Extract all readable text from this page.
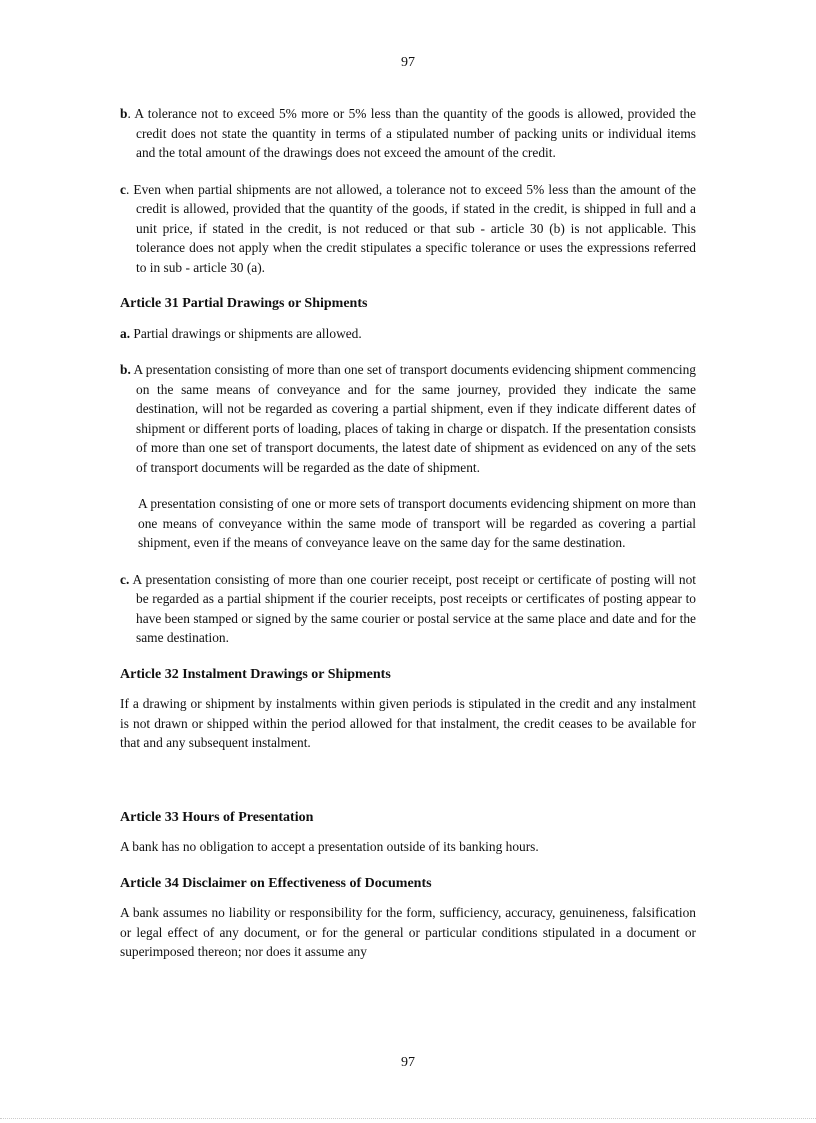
97

b. A tolerance not to exceed 5% more or 5% less than the quantity of the goods is allowed, provided the credit does not state the quantity in terms of a stipulated number of packing units or individual items and the total amount of the drawings does not exceed the amount of the credit.

c. Even when partial shipments are not allowed, a tolerance not to exceed 5% less than the amount of the credit is allowed, provided that the quantity of the goods, if stated in the credit, is shipped in full and a unit price, if stated in the credit, is not reduced or that sub - article 30 (b) is not applicable. This tolerance does not apply when the credit stipulates a specific tolerance or uses the expressions referred to in sub - article 30 (a).

Article 31 Partial Drawings or Shipments

a. Partial drawings or shipments are allowed.

b. A presentation consisting of more than one set of transport documents evidencing shipment commencing on the same means of conveyance and for the same journey, provided they indicate the same destination, will not be regarded as covering a partial shipment, even if they indicate different dates of shipment or different ports of loading, places of taking in charge or dispatch. If the presentation consists of more than one set of transport documents, the latest date of shipment as evidenced on any of the sets of transport documents will be regarded as the date of shipment.

A presentation consisting of one or more sets of transport documents evidencing shipment on more than one means of conveyance within the same mode of transport will be regarded as covering a partial shipment, even if the means of conveyance leave on the same day for the same destination.

c. A presentation consisting of more than one courier receipt, post receipt or certificate of posting will not be regarded as a partial shipment if the courier receipts, post receipts or certificates of posting appear to have been stamped or signed by the same courier or postal service at the same place and date and for the same destination.

Article 32 Instalment Drawings or Shipments

If a drawing or shipment by instalments within given periods is stipulated in the credit and any instalment is not drawn or shipped within the period allowed for that instalment, the credit ceases to be available for that and any subsequent instalment.

Article 33 Hours of Presentation

A bank has no obligation to accept a presentation outside of its banking hours.

Article 34 Disclaimer on Effectiveness of Documents

A bank assumes no liability or responsibility for the form, sufficiency, accuracy, genuineness, falsification or legal effect of any document, or for the general or particular conditions stipulated in a document or superimposed thereon; nor does it assume any

97
